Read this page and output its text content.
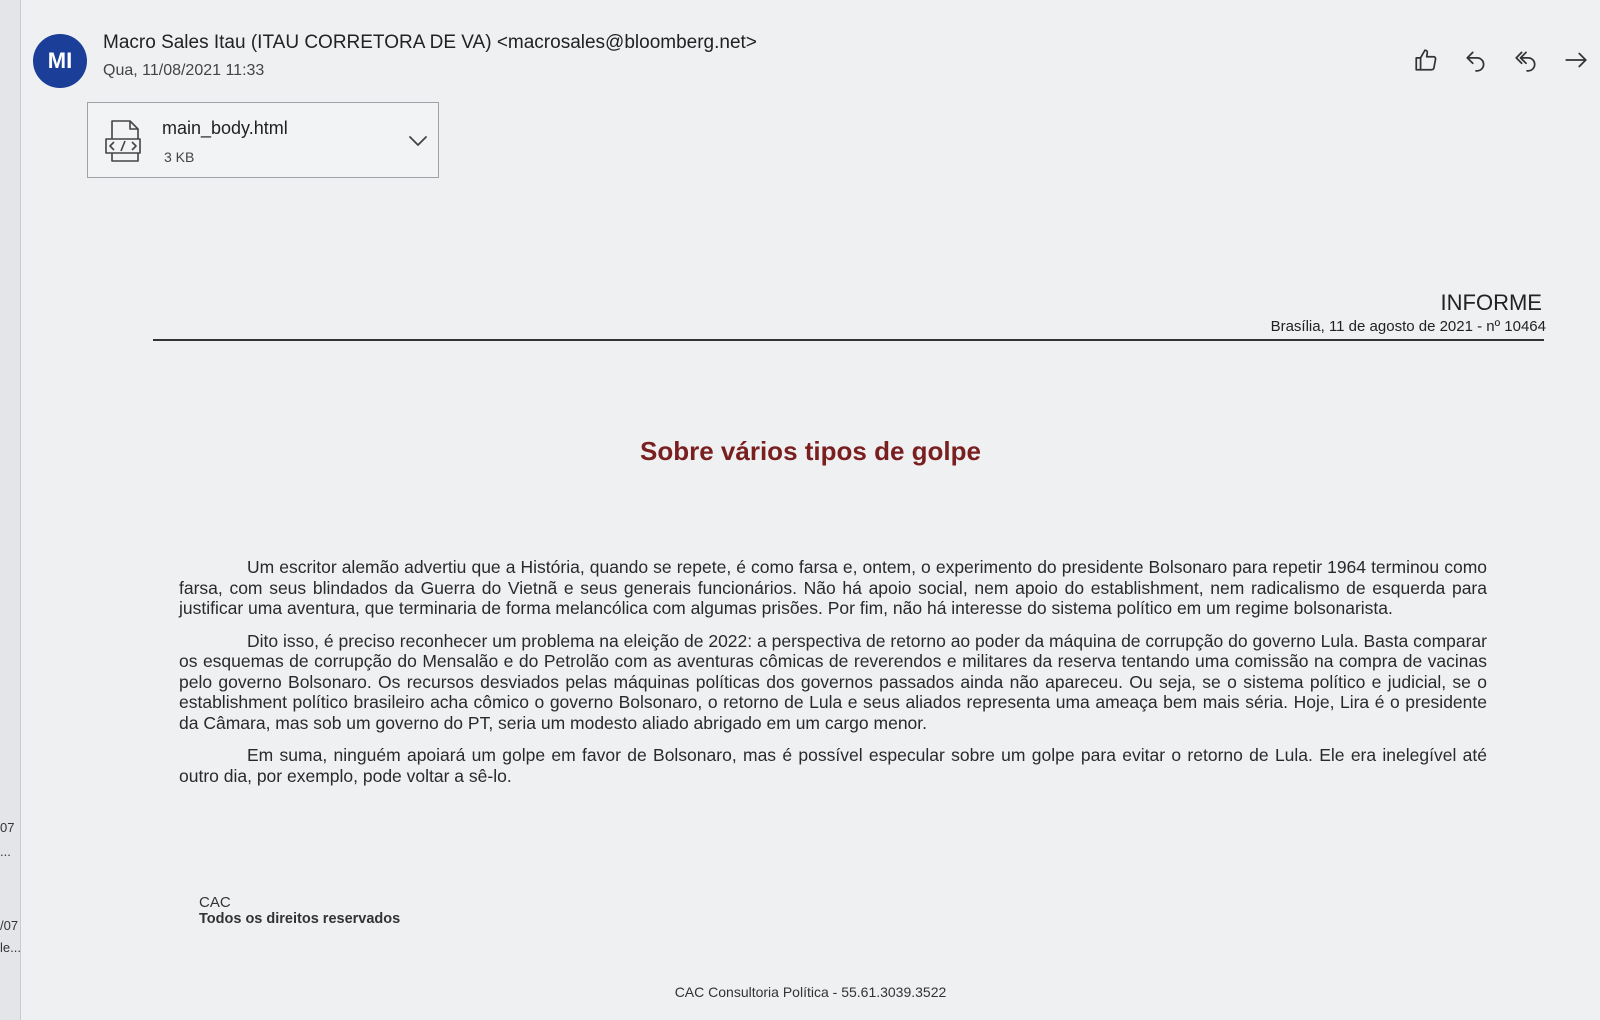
07
...
/07
le...
MI
Macro Sales Itau (ITAU CORRETORA DE VA) <macrosales@bloomberg.net>
Qua, 11/08/2021 11:33
main_body.html
3 KB
INFORME
Brasília, 11 de agosto de 2021 - nº 10464
Sobre vários tipos de golpe

Um escritor alemão advertiu que a História, quando se repete, é como farsa e, ontem, o experimento do presidente Bolsonaro para repetir 1964 terminou como farsa, com seus blindados da Guerra do Vietnã e seus generais funcionários. Não há apoio social, nem apoio do establishment, nem radicalismo de esquerda para justificar uma aventura, que terminaria de forma melancólica com algumas prisões. Por fim, não há interesse do sistema político em um regime bolsonarista.

Dito isso, é preciso reconhecer um problema na eleição de 2022: a perspectiva de retorno ao poder da máquina de corrupção do governo Lula. Basta comparar os esquemas de corrupção do Mensalão e do Petrolão com as aventuras cômicas de reverendos e militares da reserva tentando uma comissão na compra de vacinas pelo governo Bolsonaro. Os recursos desviados pelas máquinas políticas dos governos passados ainda não apareceu. Ou seja, se o sistema político e judicial, se o establishment político brasileiro acha cômico o governo Bolsonaro, o retorno de Lula e seus aliados representa uma ameaça bem mais séria. Hoje, Lira é o presidente da Câmara, mas sob um governo do PT, seria um modesto aliado abrigado em um cargo menor.

Em suma, ninguém apoiará um golpe em favor de Bolsonaro, mas é possível especular sobre um golpe para evitar o retorno de Lula. Ele era inelegível até outro dia, por exemplo, pode voltar a sê-lo.

CAC
Todos os direitos reservados
CAC Consultoria Política - 55.61.3039.3522
